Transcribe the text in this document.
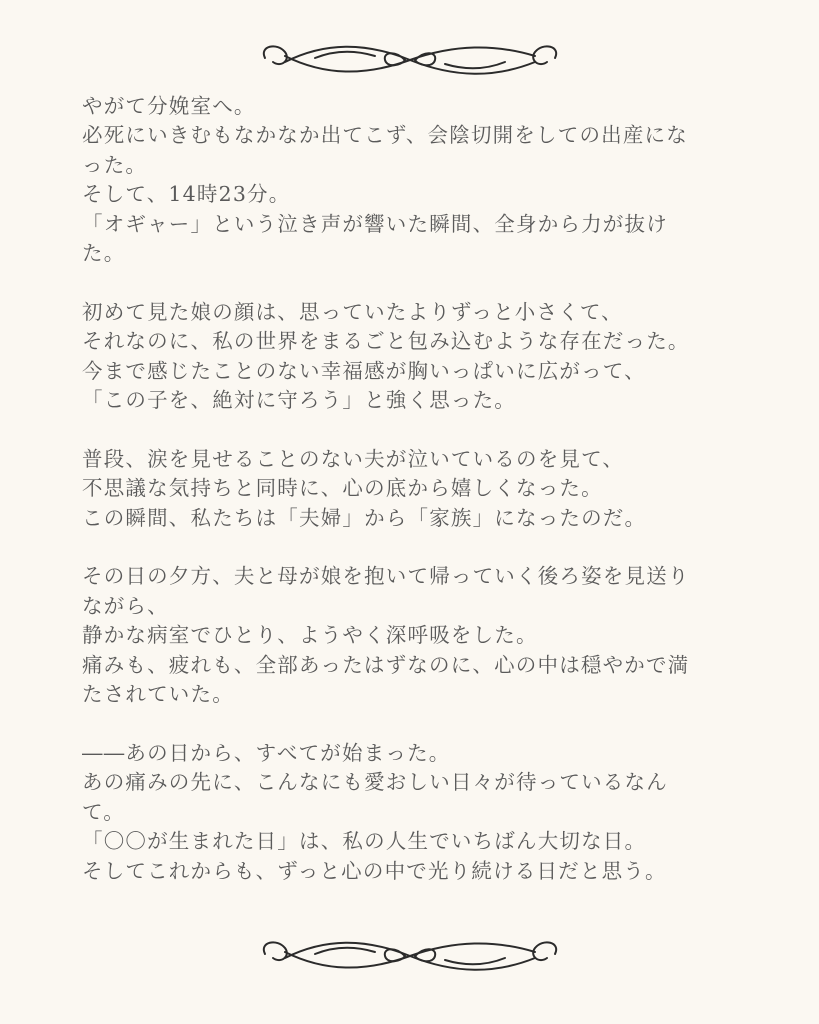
やがて分娩室へ。
必死にいきむもなかなか出てこず、会陰切開をしての出産にな
った。
そして、14時23分。
「オギャー」という泣き声が響いた瞬間、全身から力が抜け
た。
初めて見た娘の顔は、思っていたよりずっと小さくて、
それなのに、私の世界をまるごと包み込むような存在だった。
今まで感じたことのない幸福感が胸いっぱいに広がって、
「この子を、絶対に守ろう」と強く思った。
普段、涙を見せることのない夫が泣いているのを見て、
不思議な気持ちと同時に、心の底から嬉しくなった。
この瞬間、私たちは「夫婦」から「家族」になったのだ。
その日の夕方、夫と母が娘を抱いて帰っていく後ろ姿を見送り
ながら、
静かな病室でひとり、ようやく深呼吸をした。
痛みも、疲れも、全部あったはずなのに、心の中は穏やかで満
たされていた。
――あの日から、すべてが始まった。
あの痛みの先に、こんなにも愛おしい日々が待っているなん
て。
「〇〇が生まれた日」は、私の人生でいちばん大切な日。
そしてこれからも、ずっと心の中で光り続ける日だと思う。
